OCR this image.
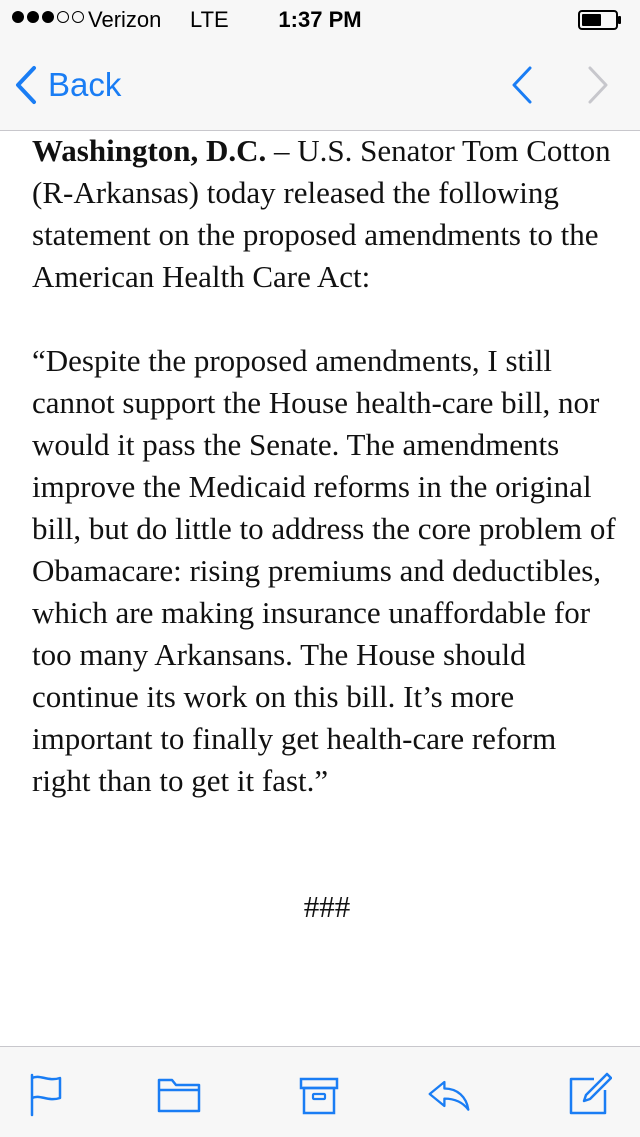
Verizon LTE	1:37 PM
Back

Washington, D.C. – U.S. Senator Tom Cotton (R-Arkansas) today released the following statement on the proposed amendments to the American Health Care Act:

“Despite the proposed amendments, I still cannot support the House health-care bill, nor would it pass the Senate. The amendments improve the Medicaid reforms in the original bill, but do little to address the core problem of Obamacare: rising premiums and deductibles, which are making insurance unaffordable for too many Arkansans. The House should continue its work on this bill. It’s more important to finally get health-care reform right than to get it fast.”

###
